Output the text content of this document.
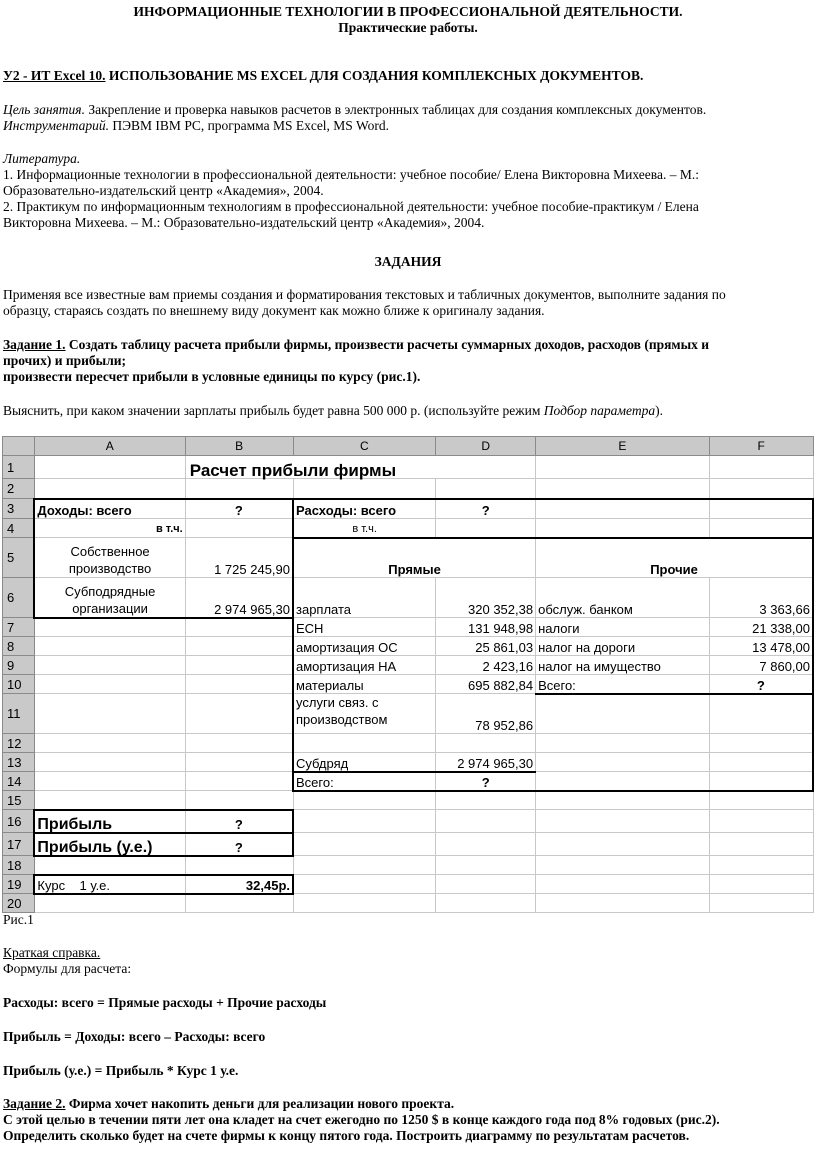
ИНФОРМАЦИОННЫЕ ТЕХНОЛОГИИ В ПРОФЕССИОНАЛЬНОЙ ДЕЯТЕЛЬНОСТИ.
Практические работы.
У2 - ИТ Excel 10. ИСПОЛЬЗОВАНИЕ MS EXCEL ДЛЯ СОЗДАНИЯ КОМПЛЕКСНЫХ ДОКУМЕНТОВ.
Цель занятия. Закрепление и проверка навыков расчетов в электронных таблицах для создания комплексных документов.
Инструментарий. ПЭВМ IBM PC, программа MS Excel, MS Word.
Литература.
1. Информационные технологии в профессиональной деятельности: учебное пособие/ Елена Викторовна Михеева. – М.:
Образовательно-издательский центр «Академия», 2004.
2. Практикум по информационным технологиям в профессиональной деятельности: учебное пособие-практикум / Елена
Викторовна Михеева. – М.: Образовательно-издательский центр «Академия», 2004.
ЗАДАНИЯ
Применяя все известные вам приемы создания и форматирования текстовых и табличных документов, выполните задания по
образцу, стараясь создать по внешнему виду документ как можно ближе к оригиналу задания.
Задание 1. Создать таблицу расчета прибыли фирмы, произвести расчеты суммарных доходов, расходов (прямых и
прочих) и прибыли;
произвести пересчет прибыли в условные единицы по курсу (рис.1).
Выяснить, при каком значении зарплаты прибыль будет равна 500 000 р. (используйте режим Подбор параметра).
	A	B	C	D	E	F
1		Расчет прибыли фирмы				
2						
3	Доходы: всего	?	Расходы: всего	?		
4	в т.ч.		в т.ч.			
5	Собственное производство	1 725 245,90	Прямые		Прочие	
6	Субподрядные организации	2 974 965,30	зарплата	320 352,38	обслуж. банком	3 363,66
7			ЕСН	131 948,98	налоги	21 338,00
8			амортизация ОС	25 861,03	налог на дороги	13 478,00
9			амортизация НА	2 423,16	налог на имущество	7 860,00
10			материалы	695 882,84	Всего:	?
11			услуги связ. с производством	78 952,86		
12						
13			Субдряд	2 974 965,30		
14			Всего:	?		
15						
16	Прибыль	?				
17	Прибыль (у.е.)	?				
18						
19	Курс    1 у.е.	32,45р.				
20						
Рис.1
Краткая справка.
Формулы для расчета:
Расходы: всего = Прямые расходы + Прочие расходы
Прибыль = Доходы: всего – Расходы: всего
Прибыль (у.е.) = Прибыль * Курс 1 у.е.
Задание 2. Фирма хочет накопить деньги для реализации нового проекта.
С этой целью в течении пяти лет она кладет на счет ежегодно по 1250 $ в конце каждого года под 8% годовых (рис.2).
Определить сколько будет на счете фирмы к концу пятого года. Построить диаграмму по результатам расчетов.
